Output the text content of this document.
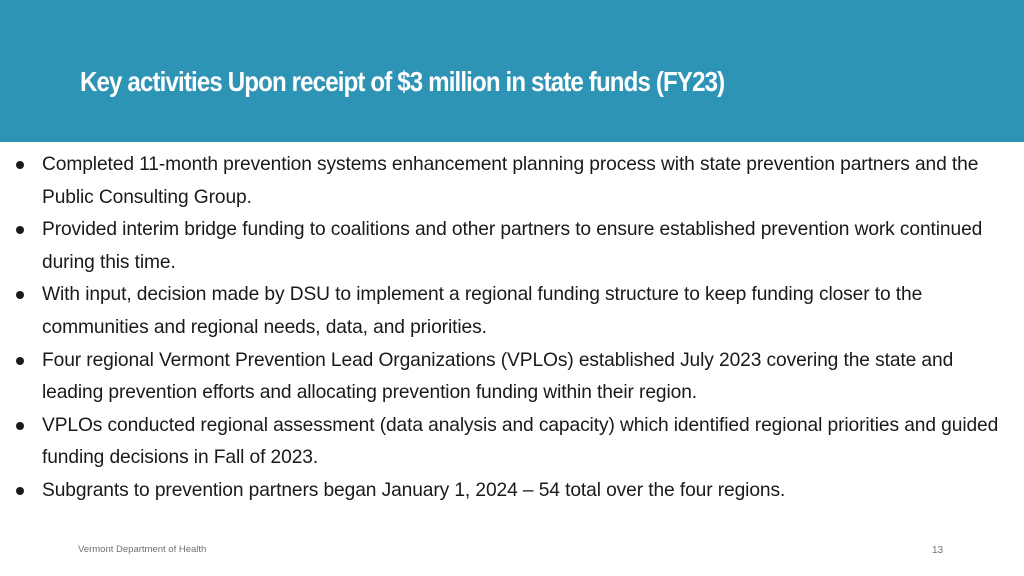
Key activities Upon receipt of $3 million in state funds (FY23)
Completed 11-month prevention systems enhancement planning process with state prevention partners and the Public Consulting Group.
Provided interim bridge funding to coalitions and other partners to ensure established prevention work continued during this time.
With input, decision made by DSU to implement a regional funding structure to keep funding closer to the communities and regional needs, data, and priorities.
Four regional Vermont Prevention Lead Organizations (VPLOs) established July 2023 covering the state and leading prevention efforts and allocating prevention funding within their region.
VPLOs conducted regional assessment (data analysis and capacity) which identified regional priorities and guided funding decisions in Fall of 2023.
Subgrants to prevention partners began January 1, 2024 – 54 total over the four regions.
Vermont Department of Health	13
